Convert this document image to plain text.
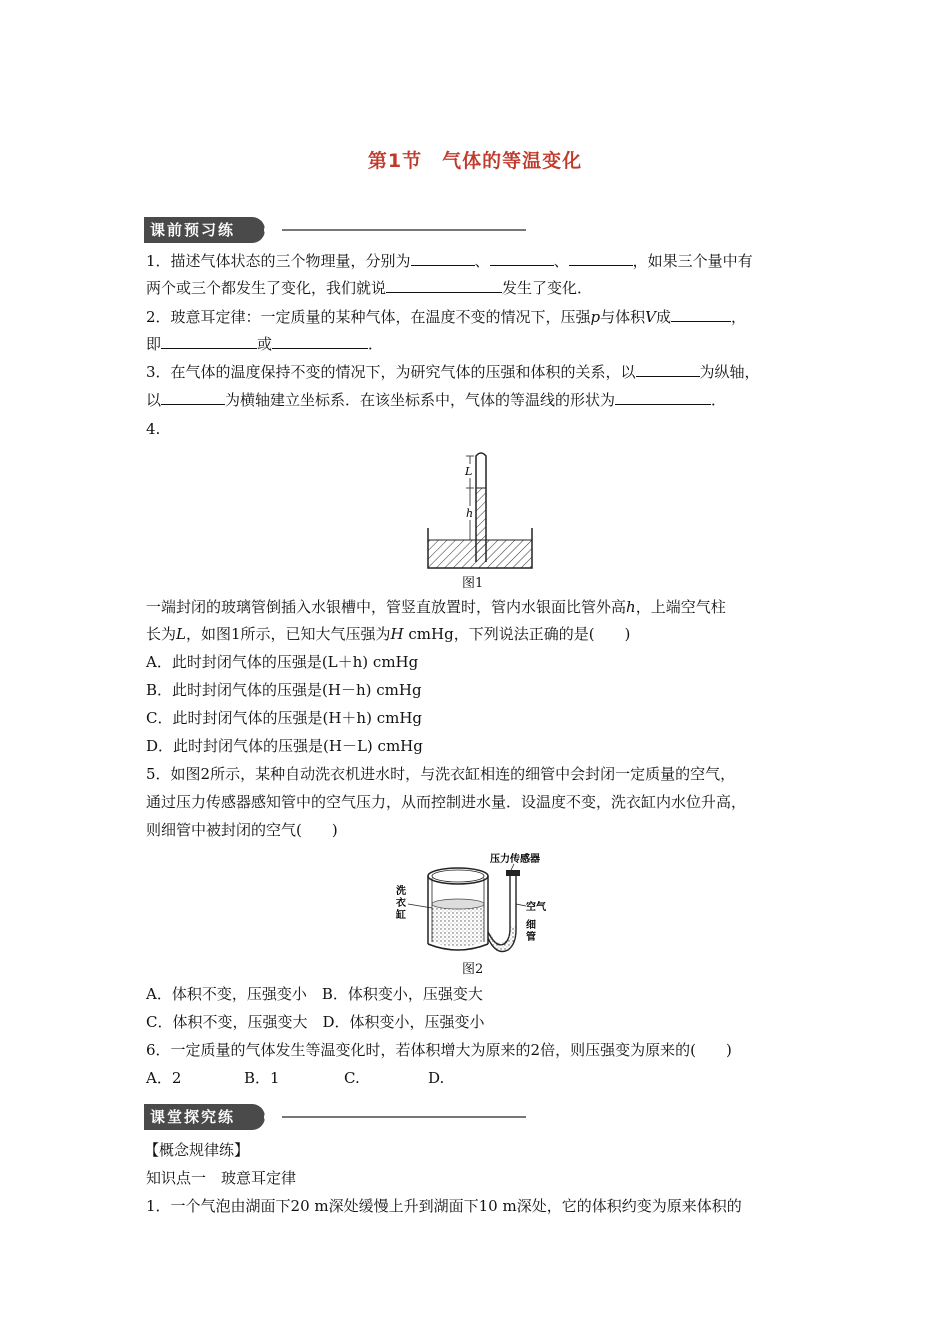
第1节　气体的等温变化
课前预习练
1．描述气体状态的三个物理量，分别为	、	、	，如果三个量中有
两个或三个都发生了变化，我们就说	发生了变化．
2．玻意耳定律：一定质量的某种气体，在温度不变的情况下，压强p与体积V成	，
即	或	．
3．在气体的温度保持不变的情况下，为研究气体的压强和体积的关系，以	为纵轴，
以	为横轴建立坐标系．在该坐标系中，气体的等温线的形状为	．
4.
L
h
图1
一端封闭的玻璃管倒插入水银槽中，管竖直放置时，管内水银面比管外高h，上端空气柱
长为L，如图1所示，已知大气压强为H cmHg，下列说法正确的是(　　)
A．此时封闭气体的压强是(L＋h) cmHg
B．此时封闭气体的压强是(H－h) cmHg
C．此时封闭气体的压强是(H＋h) cmHg
D．此时封闭气体的压强是(H－L) cmHg
5．如图2所示，某种自动洗衣机进水时，与洗衣缸相连的细管中会封闭一定质量的空气，
通过压力传感器感知管中的空气压力，从而控制进水量．设温度不变，洗衣缸内水位升高，
则细管中被封闭的空气(　　)
压力传感器
洗
衣
缸
空气
细
管
图2
A．体积不变，压强变小　B．体积变小，压强变大
C．体积不变，压强变大　D．体积变小，压强变小
6．一定质量的气体发生等温变化时，若体积增大为原来的2倍，则压强变为原来的(　　)
A．2	B．1	C.	D.
课堂探究练
【概念规律练】
知识点一　玻意耳定律
1．一个气泡由湖面下20 m深处缓慢上升到湖面下10 m深处，它的体积约变为原来体积的
